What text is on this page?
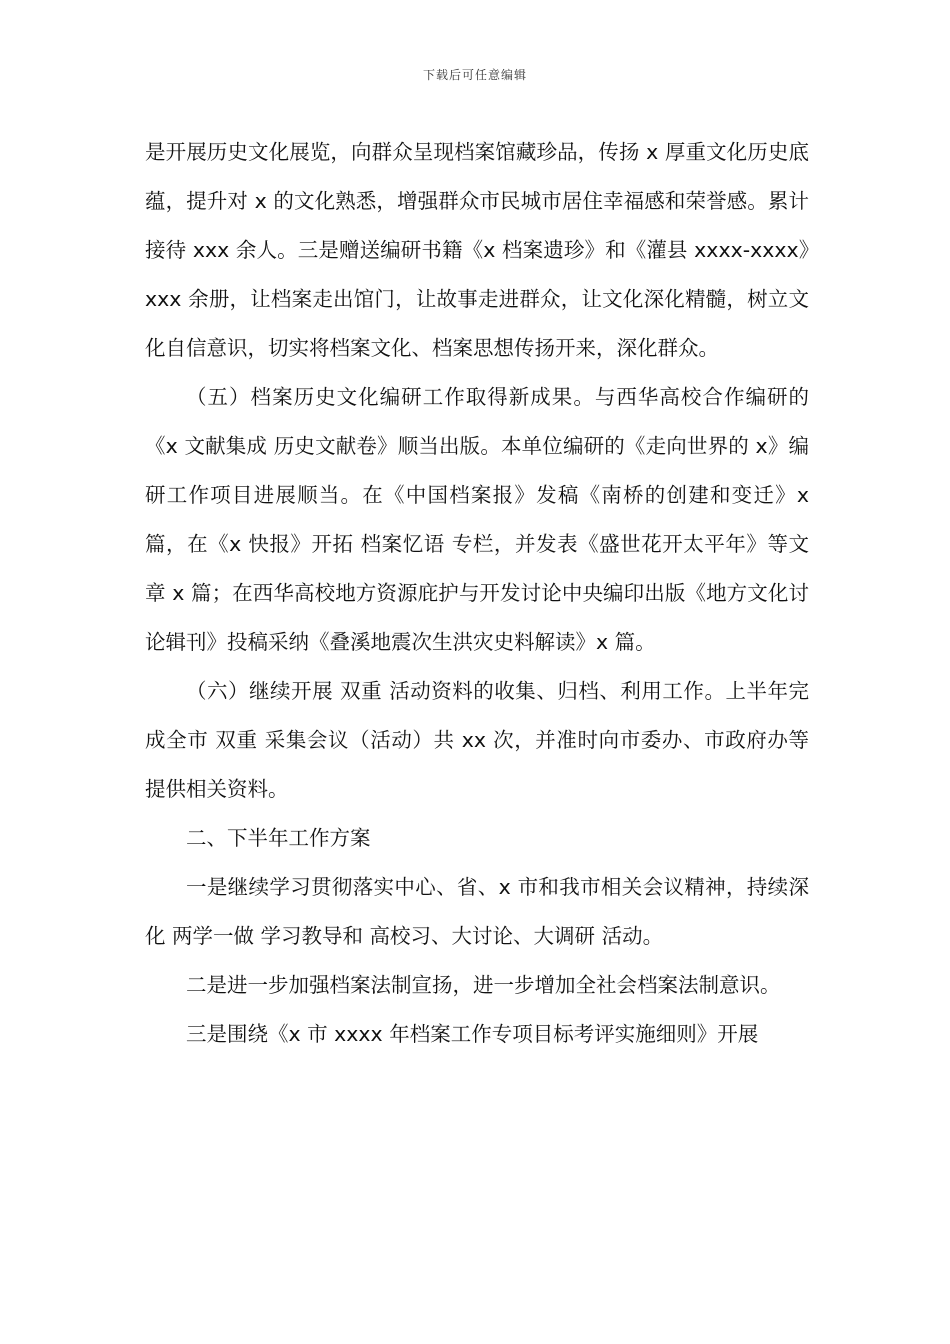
下载后可任意编辑

是开展历史文化展览，向群众呈现档案馆藏珍品，传扬 x 厚重文化历史底蕴，提升对 x 的文化熟悉，增强群众市民城市居住幸福感和荣誉感。累计接待 xxx 余人。三是赠送编研书籍《x 档案遗珍》和《灌县 xxxx-xxxx》xxx 余册，让档案走出馆门，让故事走进群众，让文化深化精髓，树立文化自信意识，切实将档案文化、档案思想传扬开来，深化群众。

（五）档案历史文化编研工作取得新成果。与西华高校合作编研的《x 文献集成 历史文献卷》顺当出版。本单位编研的《走向世界的 x》编研工作项目进展顺当。在《中国档案报》发稿《南桥的创建和变迁》x 篇，在《x 快报》开拓 档案忆语 专栏，并发表《盛世花开太平年》等文章 x 篇；在西华高校地方资源庇护与开发讨论中央编印出版《地方文化讨论辑刊》投稿采纳《叠溪地震次生洪灾史料解读》x 篇。

（六）继续开展 双重 活动资料的收集、归档、利用工作。上半年完成全市 双重 采集会议（活动）共 xx 次，并准时向市委办、市政府办等提供相关资料。

二、下半年工作方案

一是继续学习贯彻落实中心、省、x 市和我市相关会议精神，持续深化 两学一做 学习教导和 高校习、大讨论、大调研 活动。

二是进一步加强档案法制宣扬，进一步增加全社会档案法制意识。

三是围绕《x 市 xxxx 年档案工作专项目标考评实施细则》开展
